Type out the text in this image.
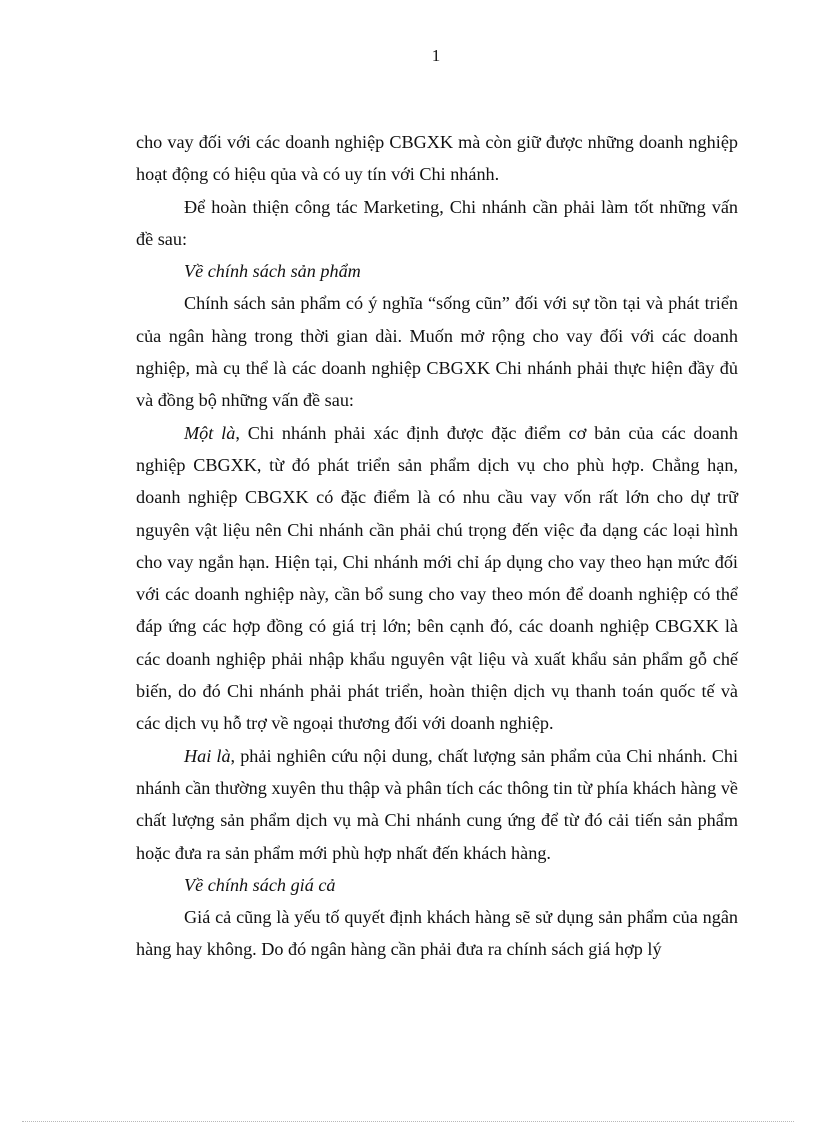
1

cho vay đối với các doanh nghiệp CBGXK mà còn giữ được những doanh nghiệp hoạt động có hiệu qủa và có uy tín với Chi nhánh.

Để hoàn thiện công tác Marketing, Chi nhánh cần phải làm tốt những vấn đề sau:

Về chính sách sản phẩm

Chính sách sản phẩm có ý nghĩa “sống cũn” đối với sự tồn tại và phát triển của ngân hàng trong thời gian dài. Muốn mở rộng cho vay đối với các doanh nghiệp, mà cụ thể là các doanh nghiệp CBGXK Chi nhánh phải thực hiện đầy đủ và đồng bộ những vấn đề sau:

Một là, Chi nhánh phải xác định được đặc điểm cơ bản của các doanh nghiệp CBGXK, từ đó phát triển sản phẩm dịch vụ cho phù hợp. Chẳng hạn, doanh nghiệp CBGXK có đặc điểm là có nhu cầu vay vốn rất lớn cho dự trữ nguyên vật liệu nên Chi nhánh cần phải chú trọng đến việc đa dạng các loại hình cho vay ngắn hạn. Hiện tại, Chi nhánh mới chỉ áp dụng cho vay theo hạn mức đối với các doanh nghiệp này, cần bổ sung cho vay theo món để doanh nghiệp có thể đáp ứng các hợp đồng có giá trị lớn; bên cạnh đó, các doanh nghiệp CBGXK là các doanh nghiệp phải nhập khẩu nguyên vật liệu và xuất khẩu sản phẩm gỗ chế biến, do đó Chi nhánh phải phát triển, hoàn thiện dịch vụ thanh toán quốc tế và các dịch vụ hỗ trợ về ngoại thương đối với doanh nghiệp.

Hai là, phải nghiên cứu nội dung, chất lượng sản phẩm của Chi nhánh. Chi nhánh cần thường xuyên thu thập và phân tích các thông tin từ phía khách hàng về chất lượng sản phẩm dịch vụ mà Chi nhánh cung ứng để từ đó cải tiến sản phẩm hoặc đưa ra sản phẩm mới phù hợp nhất đến khách hàng.

Về chính sách giá cả

Giá cả cũng là yếu tố quyết định khách hàng sẽ sử dụng sản phẩm của ngân hàng hay không. Do đó ngân hàng cần phải đưa ra chính sách giá hợp lý
